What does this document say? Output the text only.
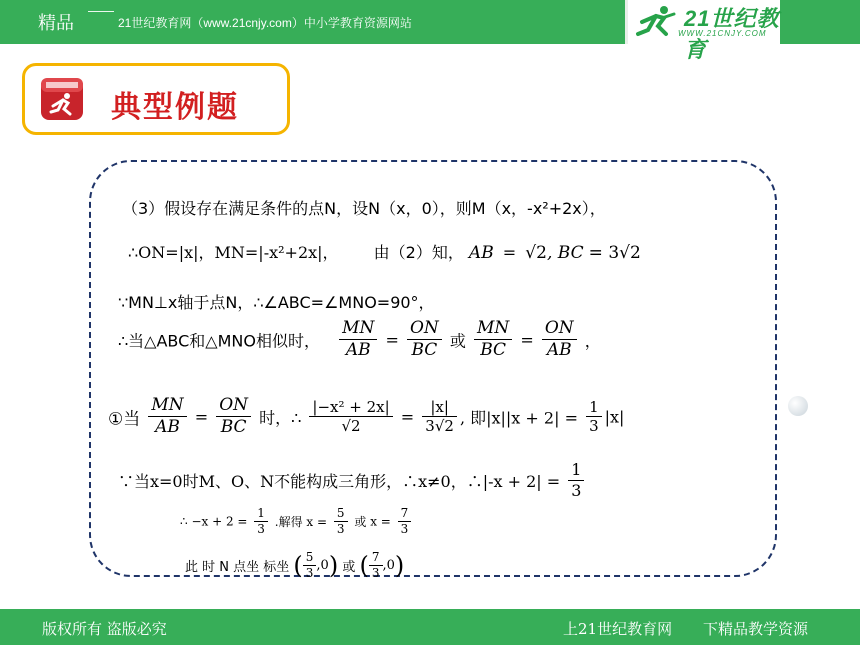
精品	21世纪教育网（www.21cnjy.com）中小学教育资源网站	21世纪教育
WWW.21CNJY.COM
典型例题
（3）假设存在满足条件的点N，设N（x，0），则M（x，-x²+2x），
∴ON=|x|，MN=|-x²+2x|， 由（2）知， AB = √2, BC = 3√2
∵MN⊥x轴于点N，∴∠ABC=∠MNO=90°，
∴当△ABC和△MNO相似时， $\frac{MN}{AB} = \frac{ON}{BC}$ 或 $\frac{MN}{BC} = \frac{ON}{AB}$ ，
①当 $\frac{MN}{AB} = \frac{ON}{BC}$ 时，∴ $\frac{\text{|−x² + 2x|}}{√2} = \frac{|x|}{3√2}$ , 即$|x||x + 2| = \frac{1}{3} |x|$
∵当x=0时M、O、N不能构成三角形，∴x≠0，∴|-x + $2| = \frac{1}{3}$
∴ $-x + 2 = \frac{1}{3}$ .解得 $x = \frac{5}{3}$ 或 $x = \frac{7}{3}$
此 时 N 点坐 标坐 ( $\frac{5}{3} ,0$) 或 ( $\frac{7}{3} ,0$)
版权所有 盗版必究	上21世纪教育网 下精品教学资源
